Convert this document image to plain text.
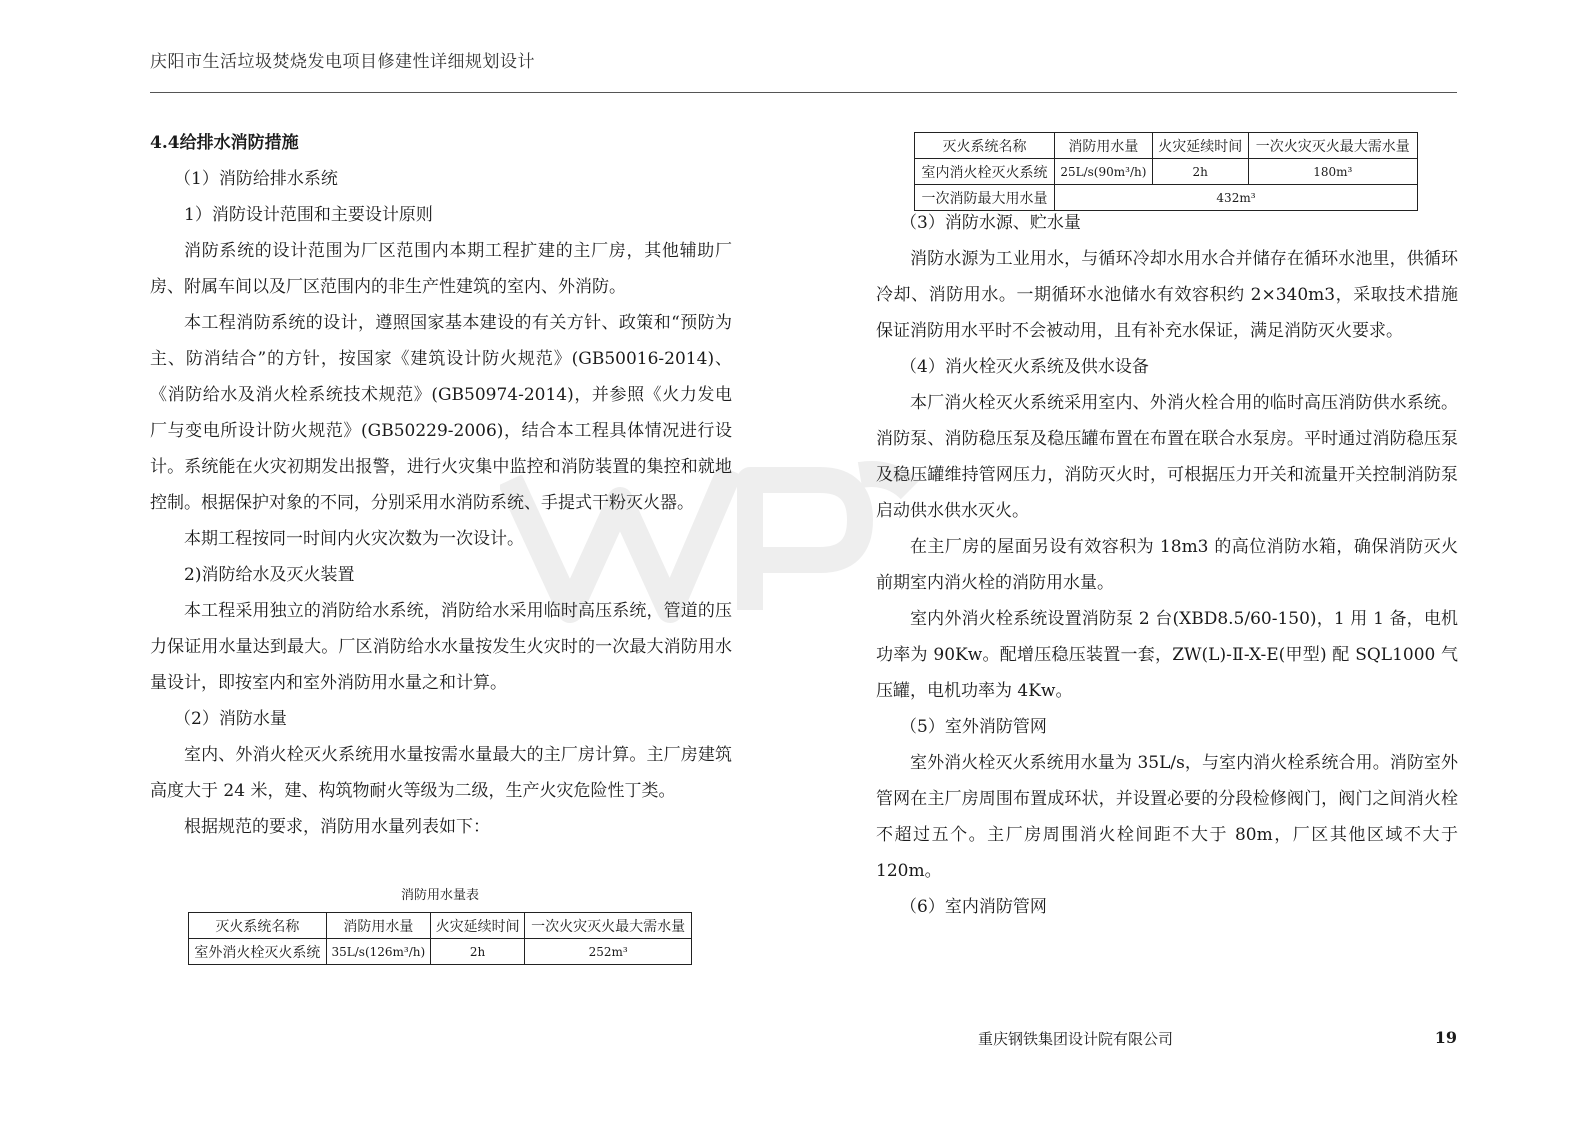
庆阳市生活垃圾焚烧发电项目修建性详细规划设计

4.4给排水消防措施

（1）消防给排水系统

1）消防设计范围和主要设计原则

消防系统的设计范围为厂区范围内本期工程扩建的主厂房，其他辅助厂房、附属车间以及厂区范围内的非生产性建筑的室内、外消防。

本工程消防系统的设计，遵照国家基本建设的有关方针、政策和“预防为主、防消结合”的方针，按国家《建筑设计防火规范》(GB50016-2014)、《消防给水及消火栓系统技术规范》(GB50974-2014)，并参照《火力发电厂与变电所设计防火规范》(GB50229-2006)，结合本工程具体情况进行设计。系统能在火灾初期发出报警，进行火灾集中监控和消防装置的集控和就地控制。根据保护对象的不同，分别采用水消防系统、手提式干粉灭火器。

本期工程按同一时间内火灾次数为一次设计。

2)消防给水及灭火装置

本工程采用独立的消防给水系统，消防给水采用临时高压系统，管道的压力保证用水量达到最大。厂区消防给水水量按发生火灾时的一次最大消防用水量设计，即按室内和室外消防用水量之和计算。

（2）消防水量

室内、外消火栓灭火系统用水量按需水量最大的主厂房计算。主厂房建筑高度大于 24 米，建、构筑物耐火等级为二级，生产火灾危险性丁类。

根据规范的要求，消防用水量列表如下：

消防用水量表
灭火系统名称	消防用水量	火灾延续时间	一次火灾灭火最大需水量
室外消火栓灭火系统	35L/s(126m³/h)	2h	252m³
灭火系统名称	消防用水量	火灾延续时间	一次火灾灭火最大需水量
室内消火栓灭火系统	25L/s(90m³/h)	2h	180m³
一次消防最大用水量	432m³		

（3）消防水源、贮水量

消防水源为工业用水，与循环冷却水用水合并储存在循环水池里，供循环冷却、消防用水。一期循环水池储水有效容积约 2×340m3，采取技术措施保证消防用水平时不会被动用，且有补充水保证，满足消防灭火要求。

（4）消火栓灭火系统及供水设备

本厂消火栓灭火系统采用室内、外消火栓合用的临时高压消防供水系统。消防泵、消防稳压泵及稳压罐布置在布置在联合水泵房。平时通过消防稳压泵及稳压罐维持管网压力，消防灭火时，可根据压力开关和流量开关控制消防泵启动供水供水灭火。

在主厂房的屋面另设有效容积为 18m3 的高位消防水箱，确保消防灭火前期室内消火栓的消防用水量。

室内外消火栓系统设置消防泵 2 台(XBD8.5/60-150)，1 用 1 备，电机功率为 90Kw。配增压稳压装置一套，ZW(L)-Ⅱ-X-E(甲型) 配 SQL1000 气压罐，电机功率为 4Kw。

（5）室外消防管网

室外消火栓灭火系统用水量为 35L/s，与室内消火栓系统合用。消防室外管网在主厂房周围布置成环状，并设置必要的分段检修阀门，阀门之间消火栓不超过五个。主厂房周围消火栓间距不大于 80m，厂区其他区域不大于 120m。

（6）室内消防管网

重庆钢铁集团设计院有限公司	19
